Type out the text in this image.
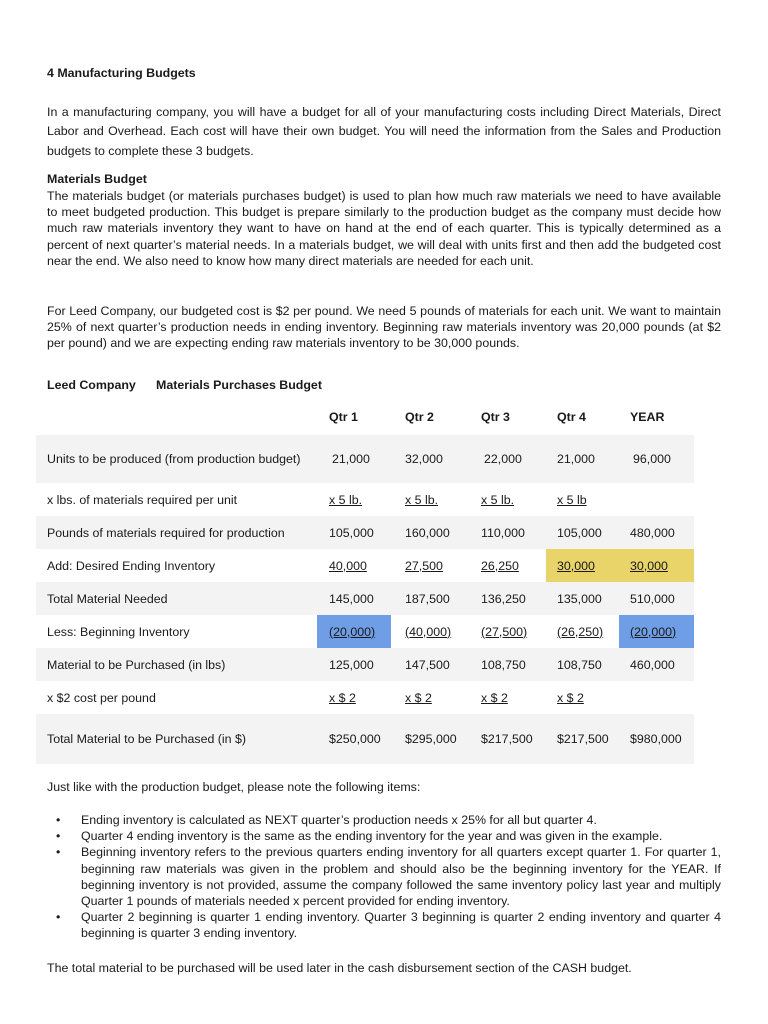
4 Manufacturing Budgets
In a manufacturing company, you will have a budget for all of your manufacturing costs including Direct Materials, Direct Labor and Overhead. Each cost will have their own budget. You will need the information from the Sales and Production budgets to complete these 3 budgets.
Materials Budget
The materials budget (or materials purchases budget) is used to plan how much raw materials we need to have available to meet budgeted production. This budget is prepare similarly to the production budget as the company must decide how much raw materials inventory they want to have on hand at the end of each quarter. This is typically determined as a percent of next quarter’s material needs. In a materials budget, we will deal with units first and then add the budgeted cost near the end. We also need to know how many direct materials are needed for each unit.
For Leed Company, our budgeted cost is $2 per pound. We need 5 pounds of materials for each unit. We want to maintain 25% of next quarter’s production needs in ending inventory. Beginning raw materials inventory was 20,000 pounds (at $2 per pound) and we are expecting ending raw materials inventory to be 30,000 pounds.
Leed Company Materials Purchases Budget
Just like with the production budget, please note the following items:
• Ending inventory is calculated as NEXT quarter’s production needs x 25% for all but quarter 4.
• Quarter 4 ending inventory is the same as the ending inventory for the year and was given in the example.
• Beginning inventory refers to the previous quarters ending inventory for all quarters except quarter 1. For quarter 1, beginning raw materials was given in the problem and should also be the beginning inventory for the YEAR. If beginning inventory is not provided, assume the company followed the same inventory policy last year and multiply Quarter 1 pounds of materials needed x percent provided for ending inventory.
• Quarter 2 beginning is quarter 1 ending inventory. Quarter 3 beginning is quarter 2 ending inventory and quarter 4 beginning is quarter 3 ending inventory.
The total material to be purchased will be used later in the cash disbursement section of the CASH budget.
Qtr 1	Qtr 2	Qtr 3	Qtr 4	YEAR
Units to be produced (from production budget)	21,000	32,000	22,000	21,000	96,000
x lbs. of materials required per unit	x 5 lb.	x 5 lb.	x 5 lb.	x 5 lb
Pounds of materials required for production	105,000	160,000	110,000	105,000 480,000
Add: Desired Ending Inventory	40,000	27,500	26,250	30,000	30,000
Total Material Needed	145,000	187,500	136,250	135,000 510,000
Less: Beginning Inventory	(20,000) (40,000) (27,500) (26,250) (20,000)
Material to be Purchased (in lbs)	125,000	147,500	108,750	108,750 460,000
x $2 cost per pound	x $ 2	x $ 2	x $ 2	x $ 2
Total Material to be Purchased (in $)	$250,000	$295,000	$217,500	$217,500	$980,000
